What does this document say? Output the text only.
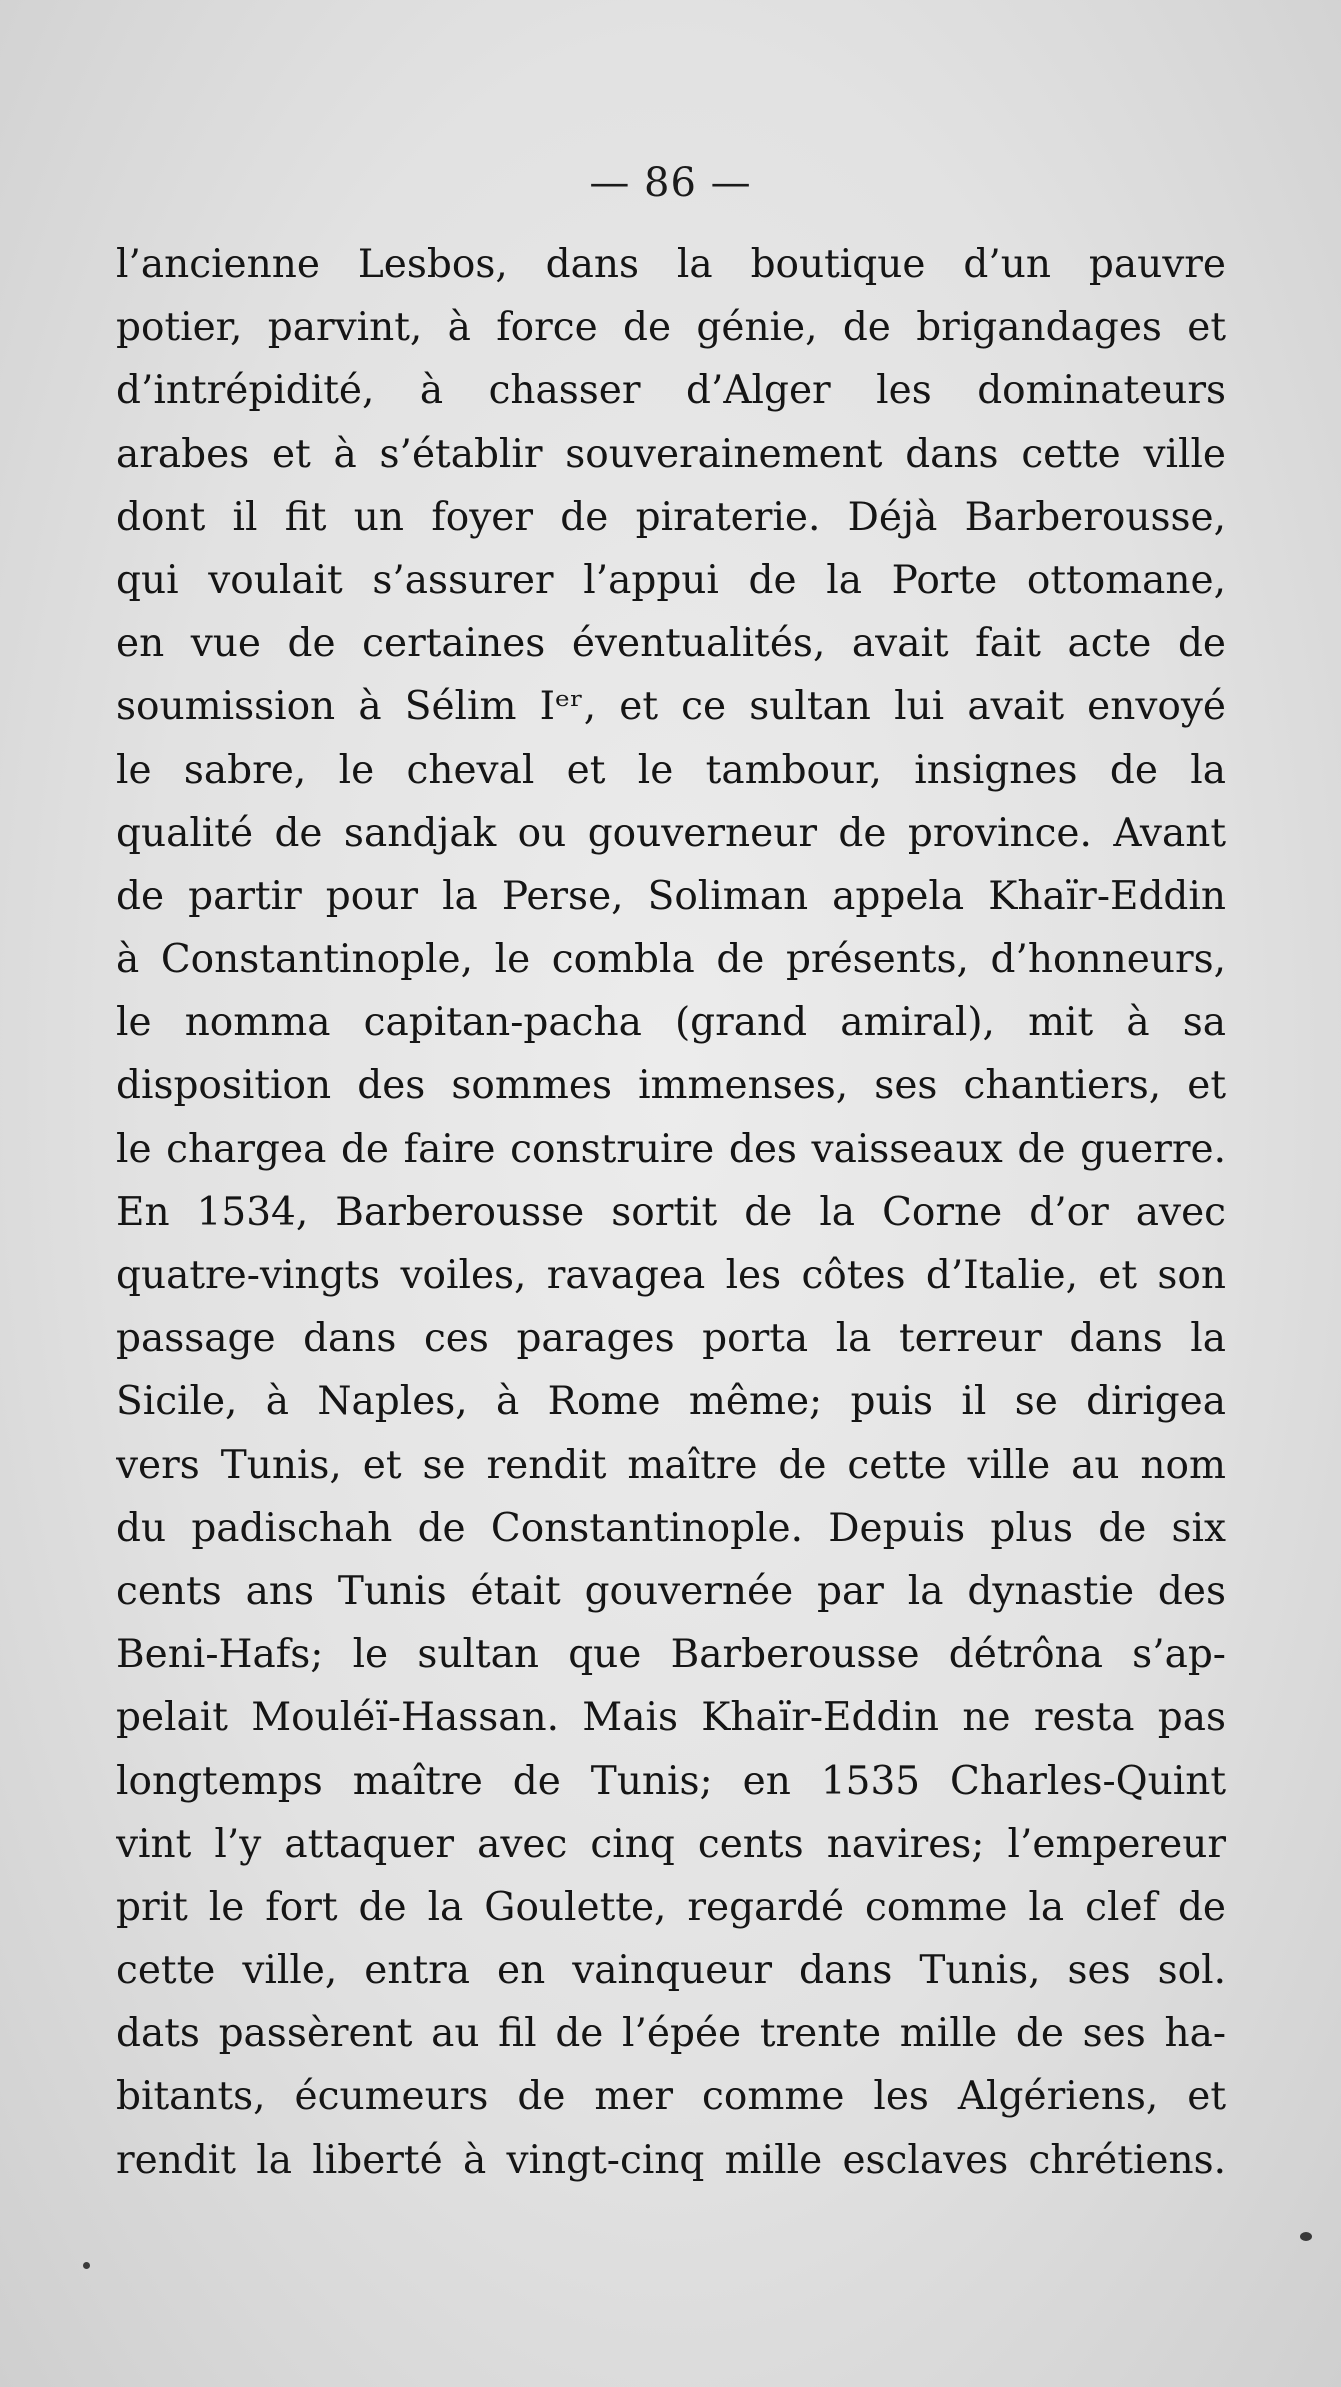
— 86 —
l’ancienne Lesbos, dans la boutique d’un pauvre
potier, parvint, à force de génie, de brigandages et
d’intrépidité, à chasser d’Alger les dominateurs
arabes et à s’établir souverainement dans cette ville
dont il fit un foyer de piraterie. Déjà Barberousse,
qui voulait s’assurer l’appui de la Porte ottomane,
en vue de certaines éventualités, avait fait acte de
soumission à Sélim Iᵉʳ, et ce sultan lui avait envoyé
le sabre, le cheval et le tambour, insignes de la
qualité de sandjak ou gouverneur de province. Avant
de partir pour la Perse, Soliman appela Khaïr-Eddin
à Constantinople, le combla de présents, d’honneurs,
le nomma capitan-pacha (grand amiral), mit à sa
disposition des sommes immenses, ses chantiers, et
le chargea de faire construire des vaisseaux de guerre.
En 1534, Barberousse sortit de la Corne d’or avec
quatre-vingts voiles, ravagea les côtes d’Italie, et son
passage dans ces parages porta la terreur dans la
Sicile, à Naples, à Rome même; puis il se dirigea
vers Tunis, et se rendit maître de cette ville au nom
du padischah de Constantinople. Depuis plus de six
cents ans Tunis était gouvernée par la dynastie des
Beni-Hafs; le sultan que Barberousse détrôna s’ap-
pelait Mouléï-Hassan. Mais Khaïr-Eddin ne resta pas
longtemps maître de Tunis; en 1535 Charles-Quint
vint l’y attaquer avec cinq cents navires; l’empereur
prit le fort de la Goulette, regardé comme la clef de
cette ville, entra en vainqueur dans Tunis, ses sol.
dats passèrent au fil de l’épée trente mille de ses ha-
bitants, écumeurs de mer comme les Algériens, et
rendit la liberté à vingt-cinq mille esclaves chrétiens.
